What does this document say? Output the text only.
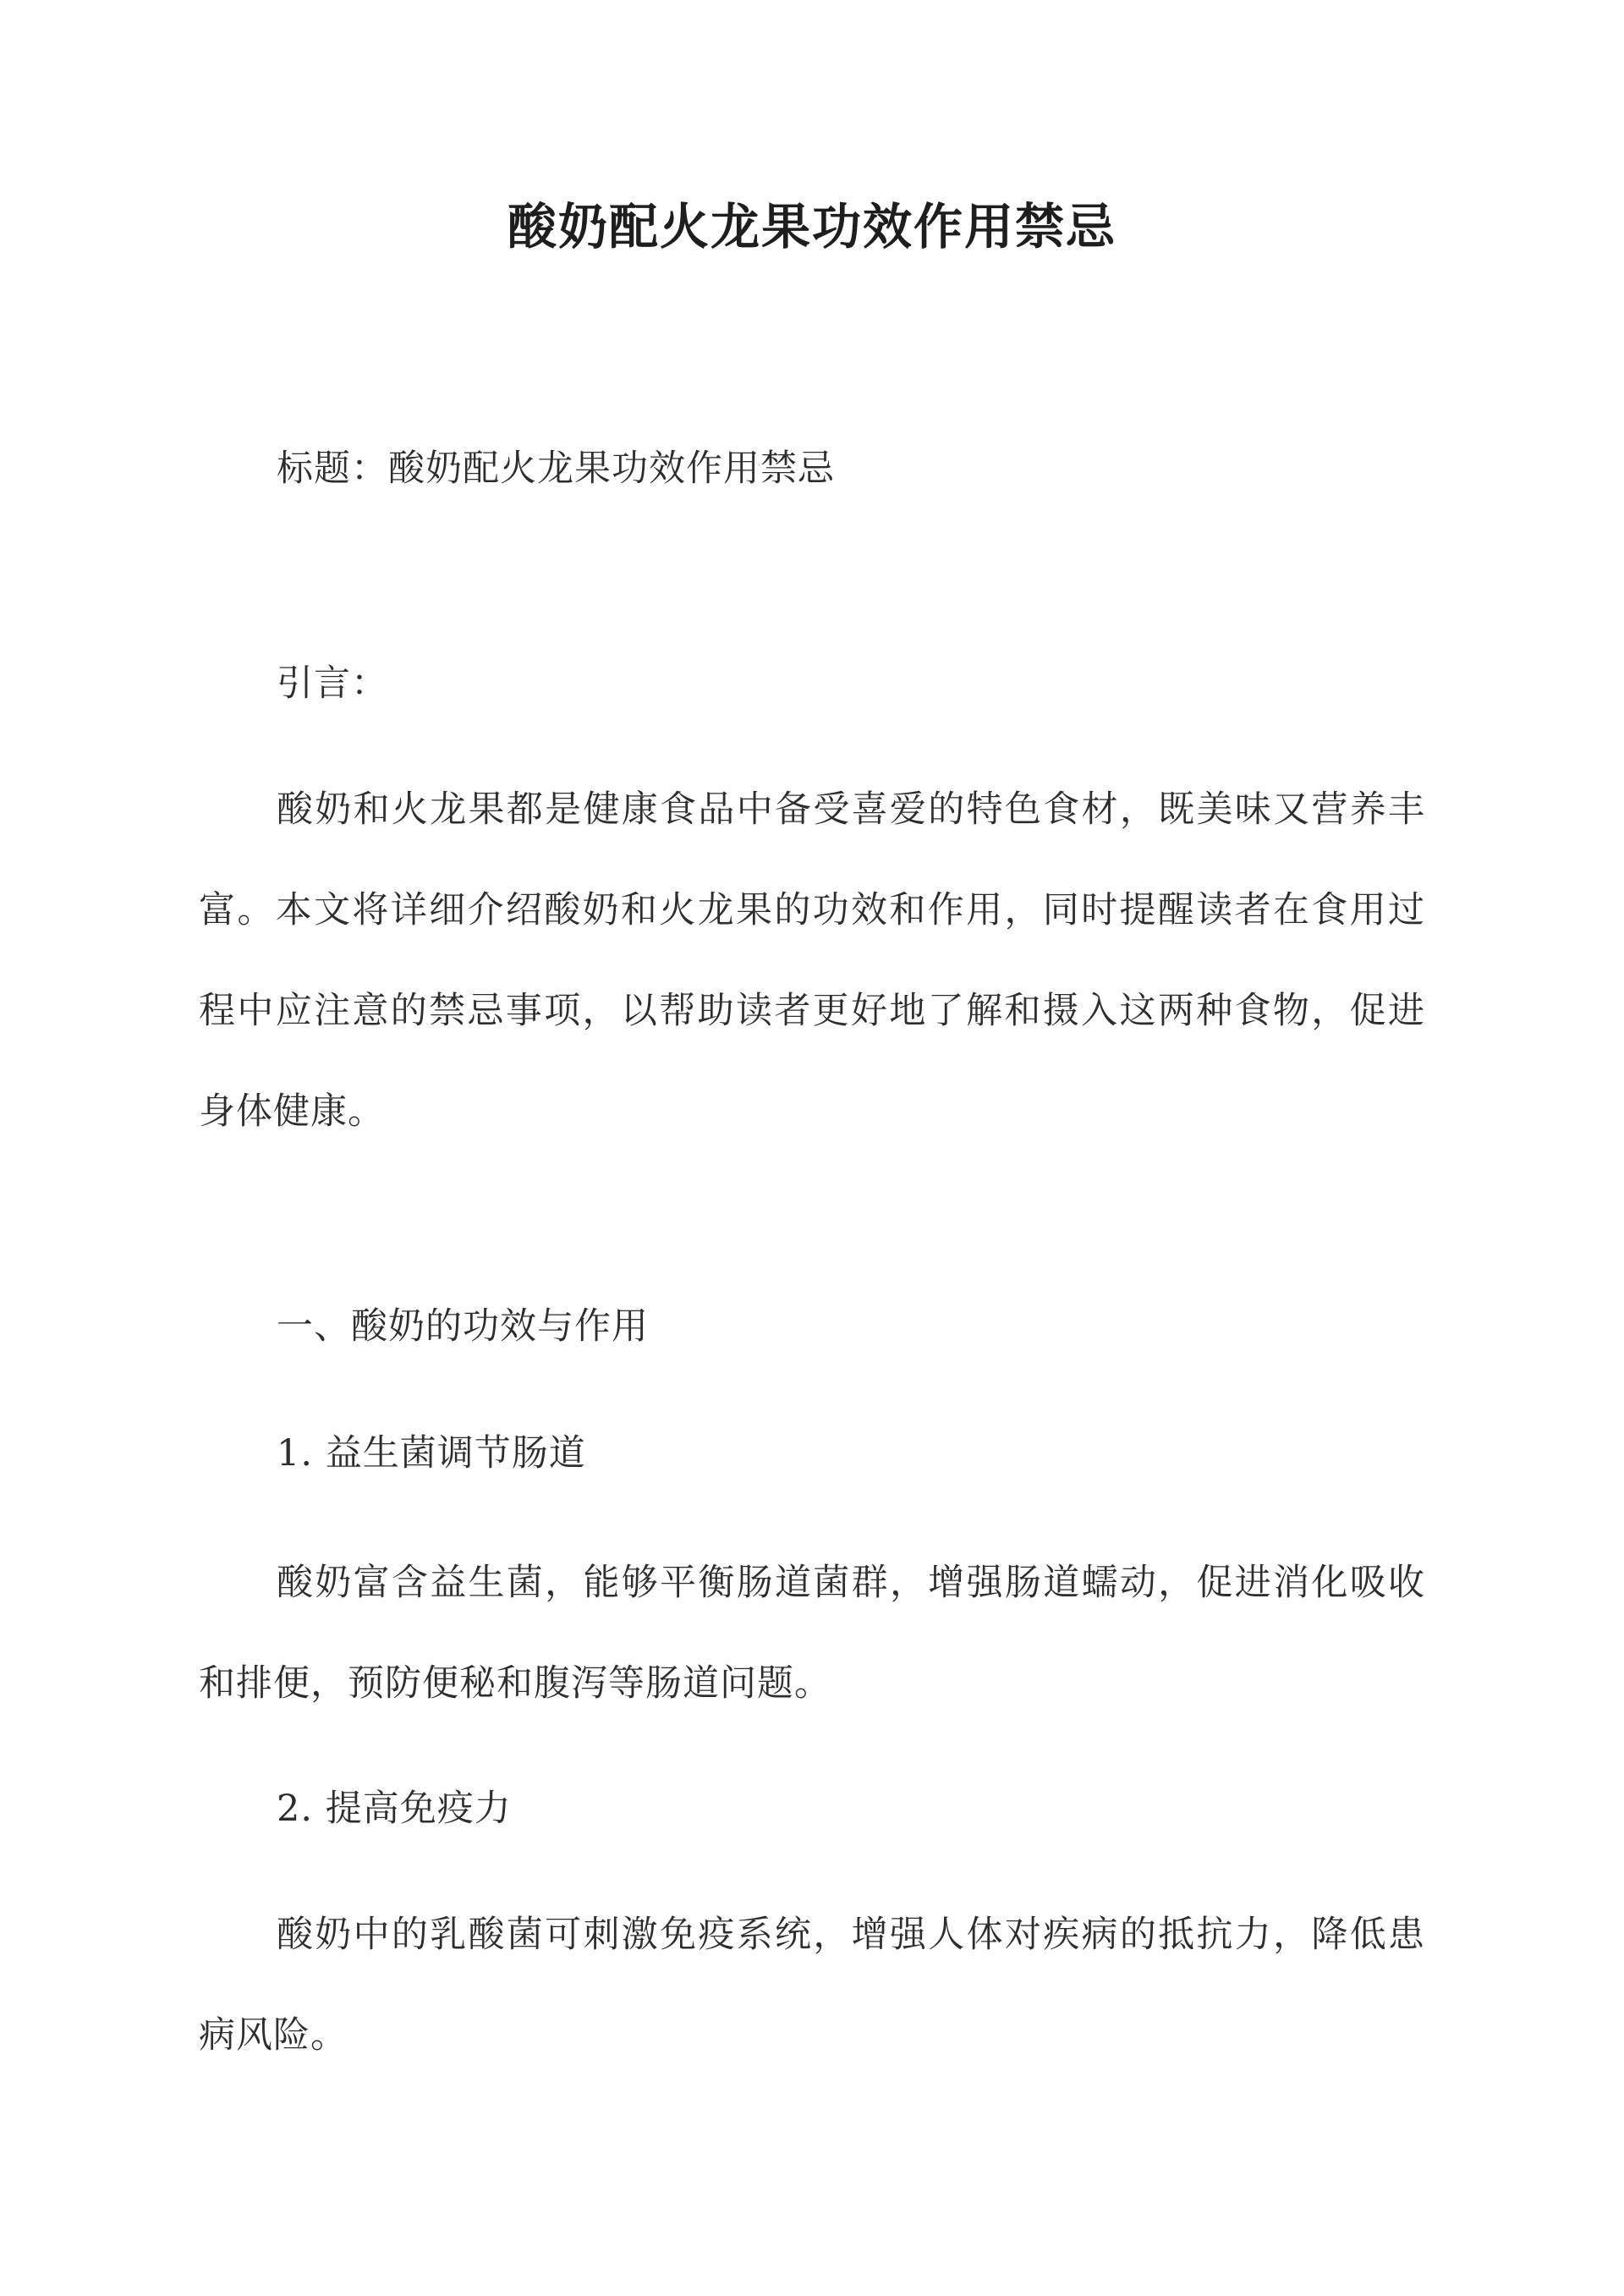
酸奶配火龙果功效作用禁忌
标题：酸奶配火龙果功效作用禁忌
引言：
酸奶和火龙果都是健康食品中备受喜爱的特色食材，既美味又营养丰富。本文将详细介绍酸奶和火龙果的功效和作用，同时提醒读者在食用过程中应注意的禁忌事项，以帮助读者更好地了解和摄入这两种食物，促进身体健康。
一、酸奶的功效与作用
1. 益生菌调节肠道
酸奶富含益生菌，能够平衡肠道菌群，增强肠道蠕动，促进消化吸收和排便，预防便秘和腹泻等肠道问题。
2. 提高免疫力
酸奶中的乳酸菌可刺激免疫系统，增强人体对疾病的抵抗力，降低患病风险。
